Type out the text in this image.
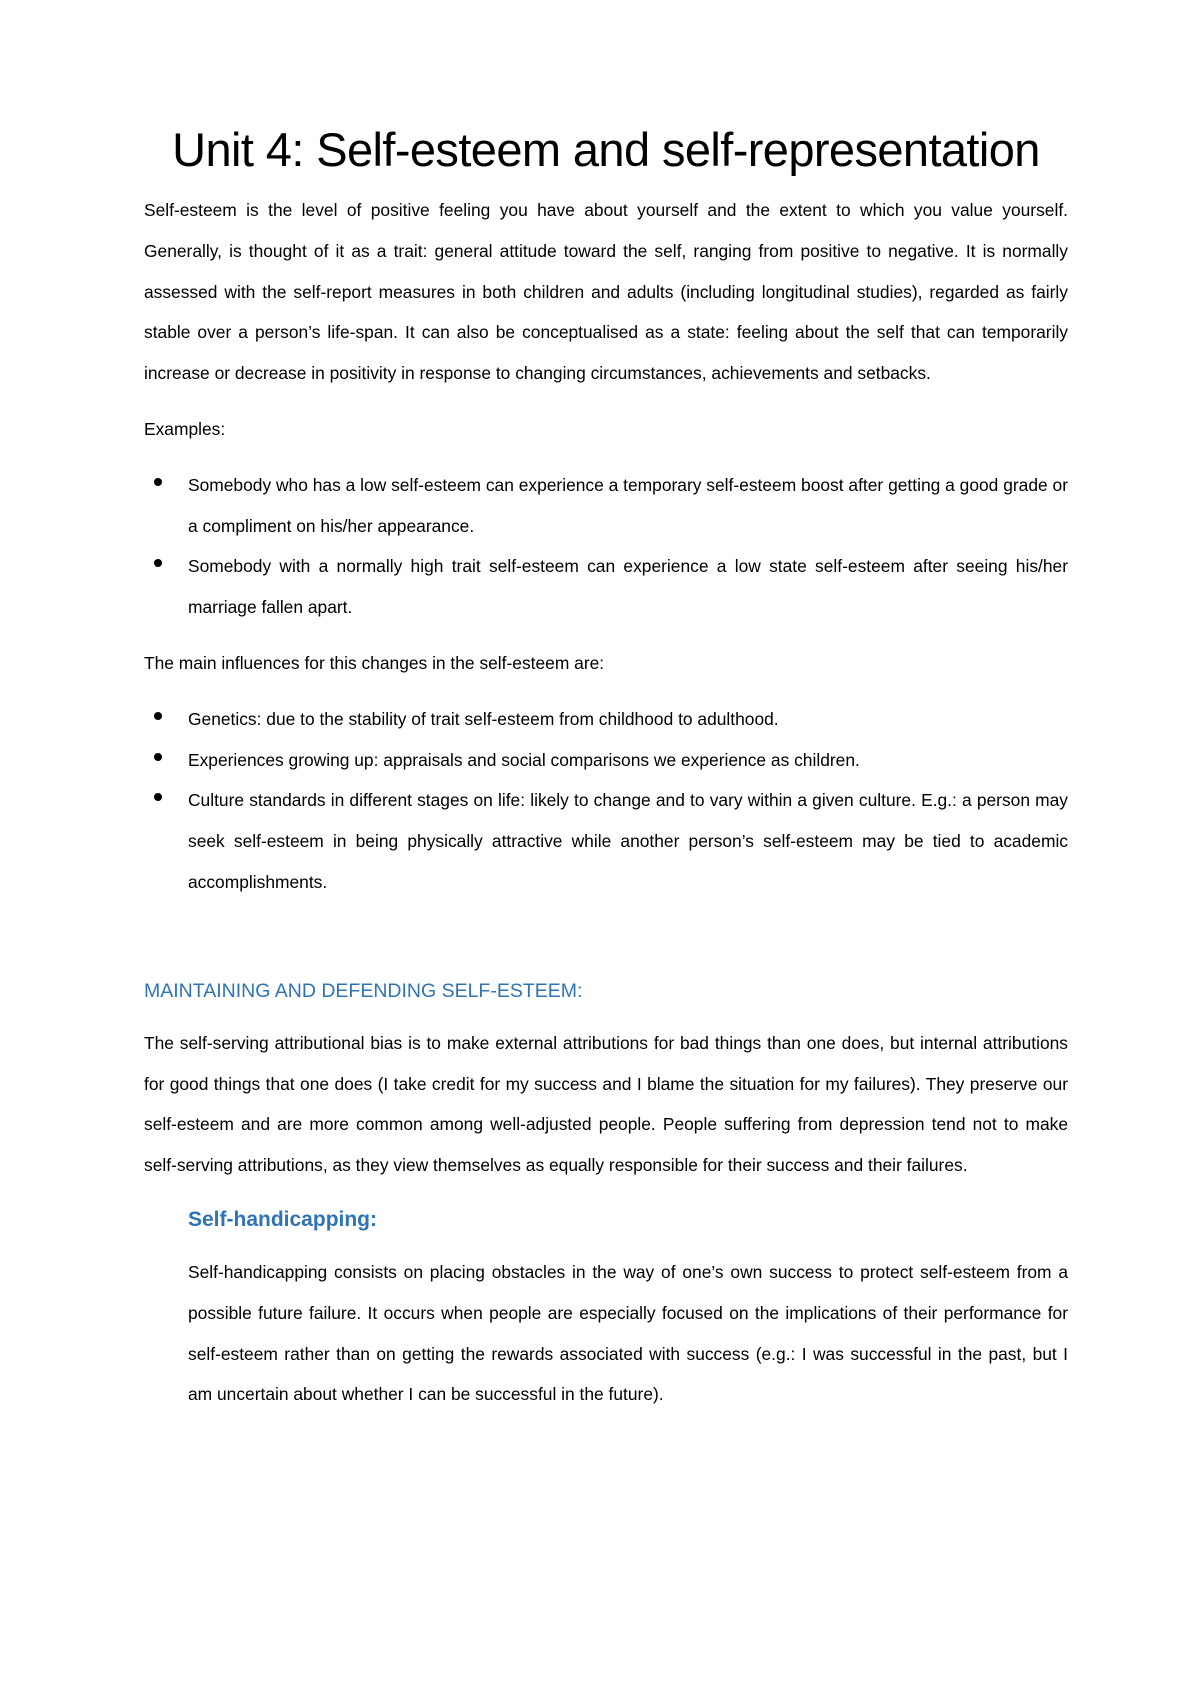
Unit 4: Self-esteem and self-representation

Self-esteem is the level of positive feeling you have about yourself and the extent to which you value yourself. Generally, is thought of it as a trait: general attitude toward the self, ranging from positive to negative. It is normally assessed with the self-report measures in both children and adults (including longitudinal studies), regarded as fairly stable over a person’s life-span. It can also be conceptualised as a state: feeling about the self that can temporarily increase or decrease in positivity in response to changing circumstances, achievements and setbacks.

Examples:

Somebody who has a low self-esteem can experience a temporary self-esteem boost after getting a good grade or a compliment on his/her appearance.
Somebody with a normally high trait self-esteem can experience a low state self-esteem after seeing his/her marriage fallen apart.

The main influences for this changes in the self-esteem are:

Genetics: due to the stability of trait self-esteem from childhood to adulthood.
Experiences growing up: appraisals and social comparisons we experience as children.
Culture standards in different stages on life: likely to change and to vary within a given culture. E.g.: a person may seek self-esteem in being physically attractive while another person’s self-esteem may be tied to academic accomplishments.
MAINTAINING AND DEFENDING SELF-ESTEEM:

The self-serving attributional bias is to make external attributions for bad things than one does, but internal attributions for good things that one does (I take credit for my success and I blame the situation for my failures). They preserve our self-esteem and are more common among well-adjusted people. People suffering from depression tend not to make self-serving attributions, as they view themselves as equally responsible for their success and their failures.

Self-handicapping:

Self-handicapping consists on placing obstacles in the way of one’s own success to protect self-esteem from a possible future failure. It occurs when people are especially focused on the implications of their performance for self-esteem rather than on getting the rewards associated with success (e.g.: I was successful in the past, but I am uncertain about whether I can be successful in the future).
